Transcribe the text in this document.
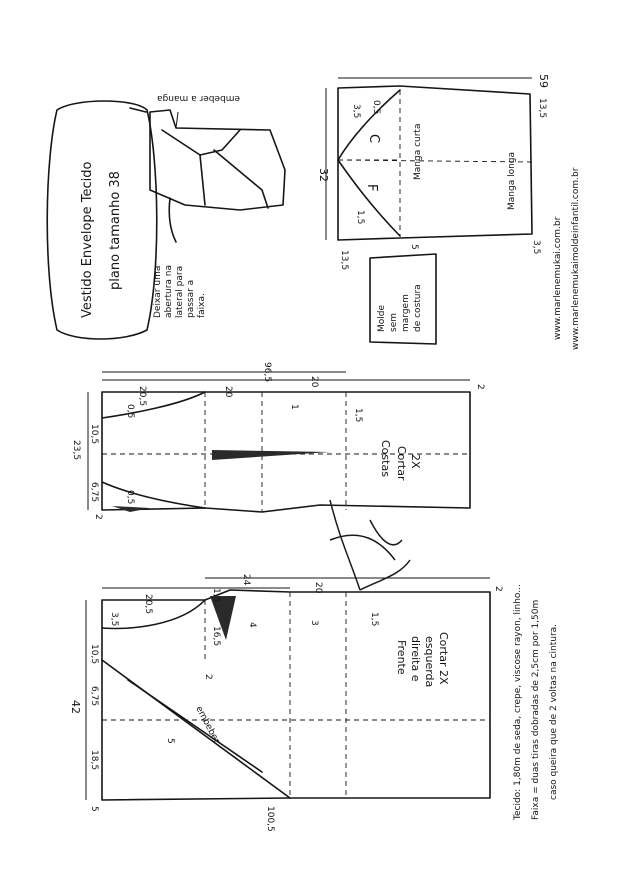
Vestido Envelope Tecido plano tamanho 38
embeber a manga
Deixar uma abertura na lateral para passar a faixa.
59
32
C
F
Manga curta
Manga longa
0,5
3,5
1,5
13,5
5	3,5
13,5
Molde sem margem de costura	www.marlenemukai.com.br www.marlenemukaimoldeinfantil.com.br
20,5	20
96,5	20	2
23,5
10,5
6,75
2
0,5
0,5
1
1,5
Costas Cortar 2X
42
18,5
6,75
10,5
3,5
20,5	1,5
24
20	2
16,5
2
4	3	1,5
5
5	100,5
embeber
Frente direita e esquerda Cortar 2X	Tecido: 1,80m de seda, crepe, viscose rayon, linho... Faixa = duas tiras dobradas de 2,5cm por 1,50m caso queira que de 2 voltas na cintura.
